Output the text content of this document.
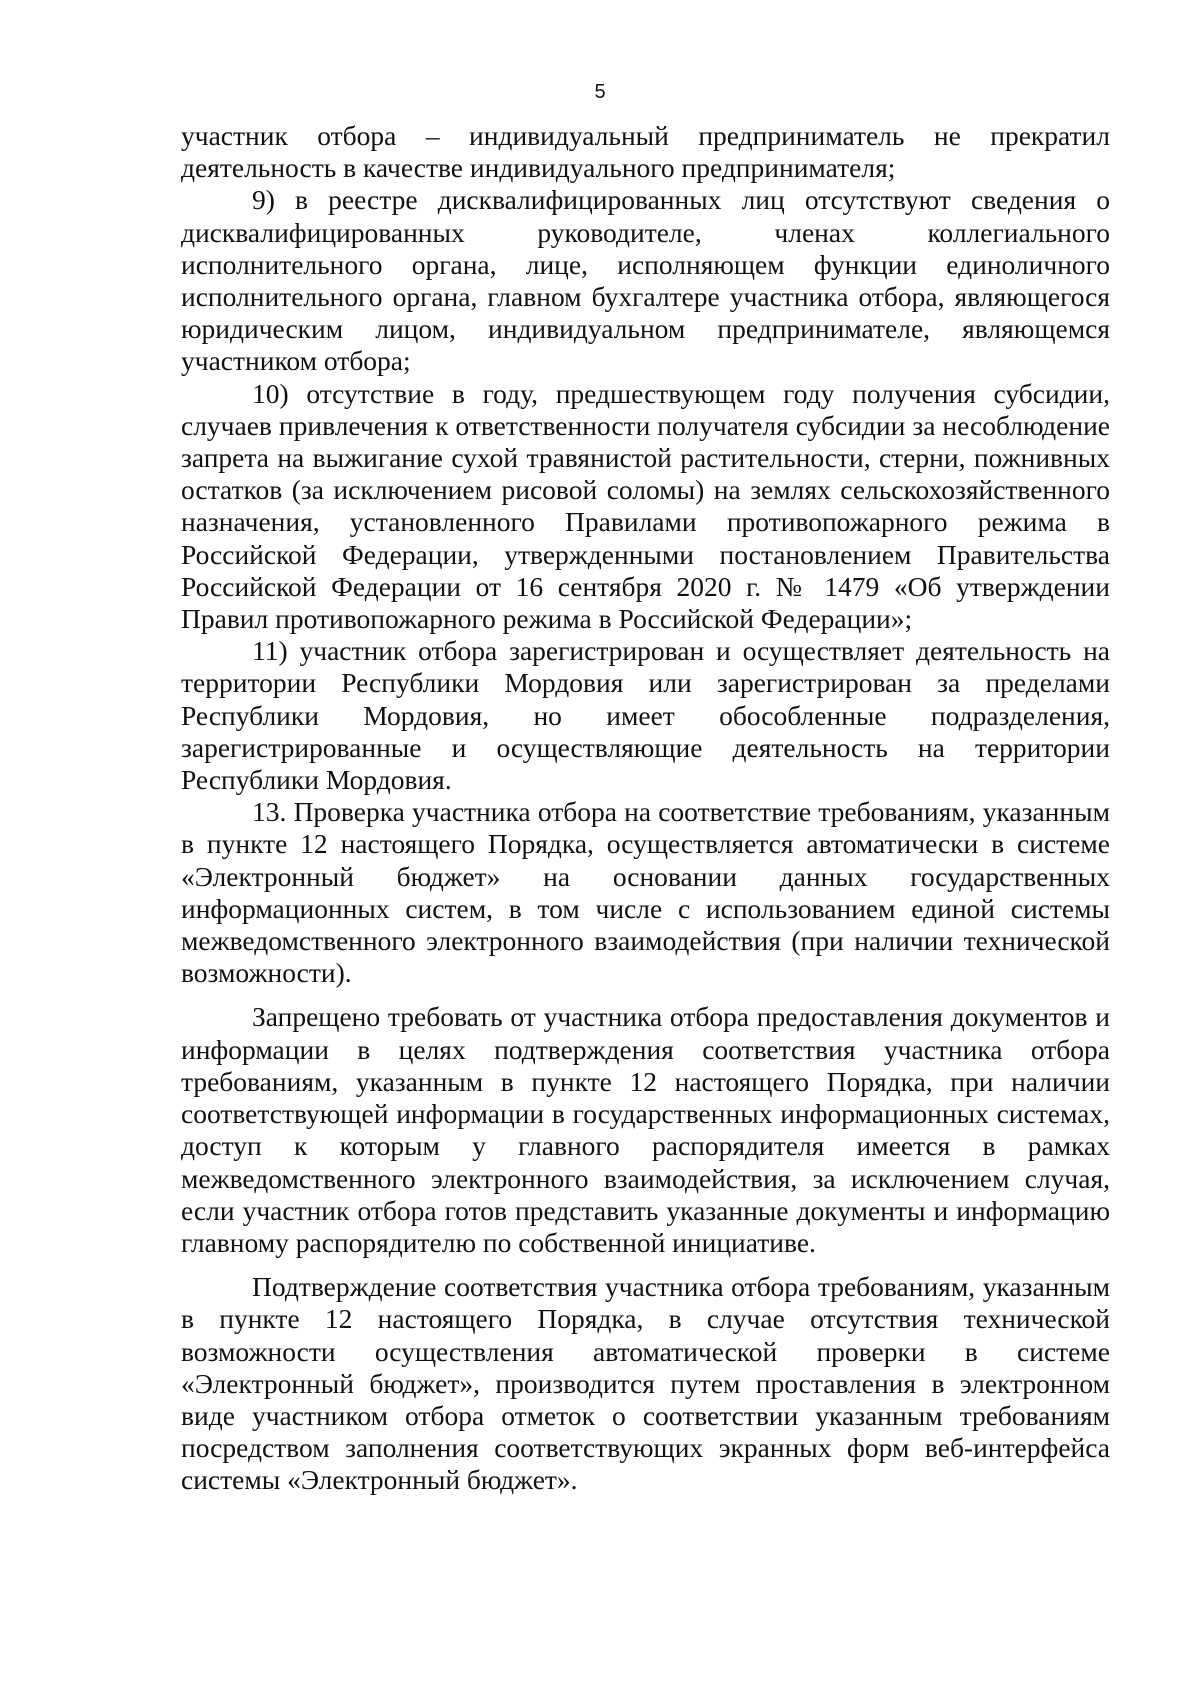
5

участник отбора – индивидуальный предприниматель не прекратил деятельность в качестве индивидуального предпринимателя;

9) в реестре дисквалифицированных лиц отсутствуют сведения о дисквалифицированных руководителе, членах коллегиального исполнительного органа, лице, исполняющем функции единоличного исполнительного органа, главном бухгалтере участника отбора, являющегося юридическим лицом, индивидуальном предпринимателе, являющемся участником отбора;

10) отсутствие в году, предшествующем году получения субсидии, случаев привлечения к ответственности получателя субсидии за несоблюдение запрета на выжигание сухой травянистой растительности, стерни, пожнивных остатков (за исключением рисовой соломы) на землях сельскохозяйственного назначения, установленного Правилами противопожарного режима в Российской Федерации, утвержденными постановлением Правительства Российской Федерации от 16 сентября 2020 г. № 1479 «Об утверждении Правил противопожарного режима в Российской Федерации»;

11) участник отбора зарегистрирован и осуществляет деятельность на территории Республики Мордовия или зарегистрирован за пределами Республики Мордовия, но имеет обособленные подразделения, зарегистрированные и осуществляющие деятельность на территории Республики Мордовия.

13. Проверка участника отбора на соответствие требованиям, указанным в пункте 12 настоящего Порядка, осуществляется автоматически в системе «Электронный бюджет» на основании данных государственных информационных систем, в том числе с использованием единой системы межведомственного электронного взаимодействия (при наличии технической возможности).

Запрещено требовать от участника отбора предоставления документов и информации в целях подтверждения соответствия участника отбора требованиям, указанным в пункте 12 настоящего Порядка, при наличии соответствующей информации в государственных информационных системах, доступ к которым у главного распорядителя имеется в рамках межведомственного электронного взаимодействия, за исключением случая, если участник отбора готов представить указанные документы и информацию главному распорядителю по собственной инициативе.

Подтверждение соответствия участника отбора требованиям, указанным в пункте 12 настоящего Порядка, в случае отсутствия технической возможности осуществления автоматической проверки в системе «Электронный бюджет», производится путем проставления в электронном виде участником отбора отметок о соответствии указанным требованиям посредством заполнения соответствующих экранных форм веб-интерфейса системы «Электронный бюджет».
